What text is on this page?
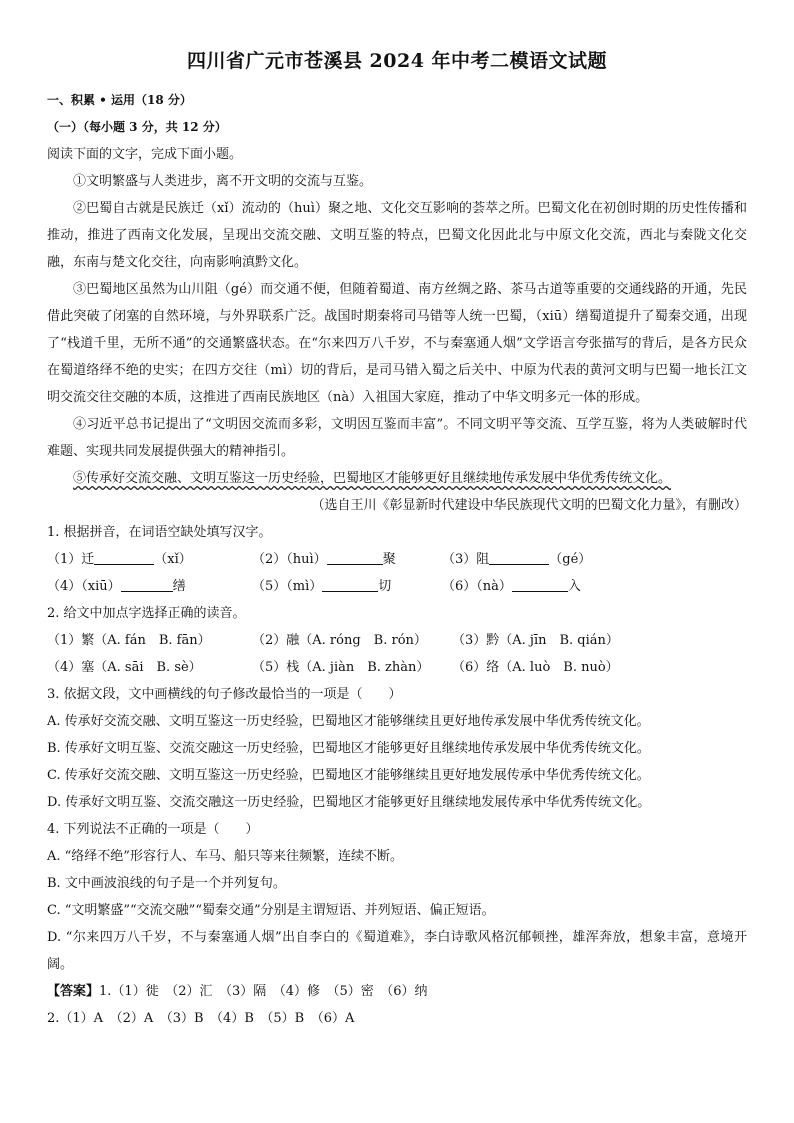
四川省广元市苍溪县 2024 年中考二模语文试题
一、积累 • 运用（18 分）
（一）（每小题 3 分，共 12 分）
阅读下面的文字，完成下面小题。
①文明繁盛与人类进步，离不开文明的交流与互鉴。
②巴蜀自古就是民族迁（xǐ）流动的（huì）聚之地、文化交互影响的荟萃之所。巴蜀文化在初创时期的历史性传播和推动，推进了西南文化发展，呈现出交流交融、文明互鉴的特点，巴蜀文化因此北与中原文化交流，西北与秦陇文化交融，东南与楚文化交往，向南影响滇黔文化。
③巴蜀地区虽然为山川阻（gé）而交通不便，但随着蜀道、南方丝绸之路、茶马古道等重要的交通线路的开通，先民借此突破了闭塞的自然环境，与外界联系广泛。战国时期秦将司马错等人统一巴蜀，（xiū）缮蜀道提升了蜀秦交通，出现了“栈道千里，无所不通”的交通繁盛状态。在“尔来四万八千岁，不与秦塞通人烟”文学语言夸张描写的背后，是各方民众在蜀道络绎不绝的史实；在四方交往（mì）切的背后，是司马错入蜀之后关中、中原为代表的黄河文明与巴蜀一地长江文明交流交往交融的本质，这推进了西南民族地区（nà）入祖国大家庭，推动了中华文明多元一体的形成。
④习近平总书记提出了“文明因交流而多彩，文明因互鉴而丰富”。不同文明平等交流、互学互鉴，将为人类破解时代难题、实现共同发展提供强大的精神指引。
⑤传承好交流交融、文明互鉴这一历史经验，巴蜀地区才能够更好且继续地传承发展中华优秀传统文化。
（选自王川《彰显新时代建设中华民族现代文明的巴蜀文化力量》，有删改）
1. 根据拼音，在词语空缺处填写汉字。
（1）迁	（xǐ）	（2）（huì）	聚	（3）阻	（gé）
（4）（xiū）	缮	（5）（mì）	切	（6）（nà）	入
2. 给文中加点字选择正确的读音。
（1）繁（A. fán　B. fān）	（2）融（A. róng　B. rón）	（3）黔（A. jīn　B. qián）
（4）塞（A. sāi　B. sè）	（5）栈（A. jiàn　B. zhàn）	（6）络（A. luò　B. nuò）
3. 依据文段，文中画横线的句子修改最恰当的一项是（　　）
A. 传承好交流交融、文明互鉴这一历史经验，巴蜀地区才能够继续且更好地传承发展中华优秀传统文化。
B. 传承好文明互鉴、交流交融这一历史经验，巴蜀地区才能够更好且继续地传承发展中华优秀传统文化。
C. 传承好交流交融、文明互鉴这一历史经验，巴蜀地区才能够继续且更好地发展传承中华优秀传统文化。
D. 传承好文明互鉴、交流交融这一历史经验，巴蜀地区才能够更好且继续地发展传承中华优秀传统文化。
4. 下列说法不正确的一项是（　　）
A. “络绎不绝”形容行人、车马、船只等来往频繁，连续不断。
B. 文中画波浪线的句子是一个并列复句。
C. “文明繁盛”“交流交融”“蜀秦交通”分别是主谓短语、并列短语、偏正短语。
D. “尔来四万八千岁，不与秦塞通人烟”出自李白的《蜀道难》，李白诗歌风格沉郁顿挫，雄浑奔放，想象丰富，意境开阔。
【答案】1.（1）徙　（2）汇　（3）隔　（4）修　（5）密　（6）纳
2.（1）A　（2）A　（3）B　（4）B　（5）B　（6）A
